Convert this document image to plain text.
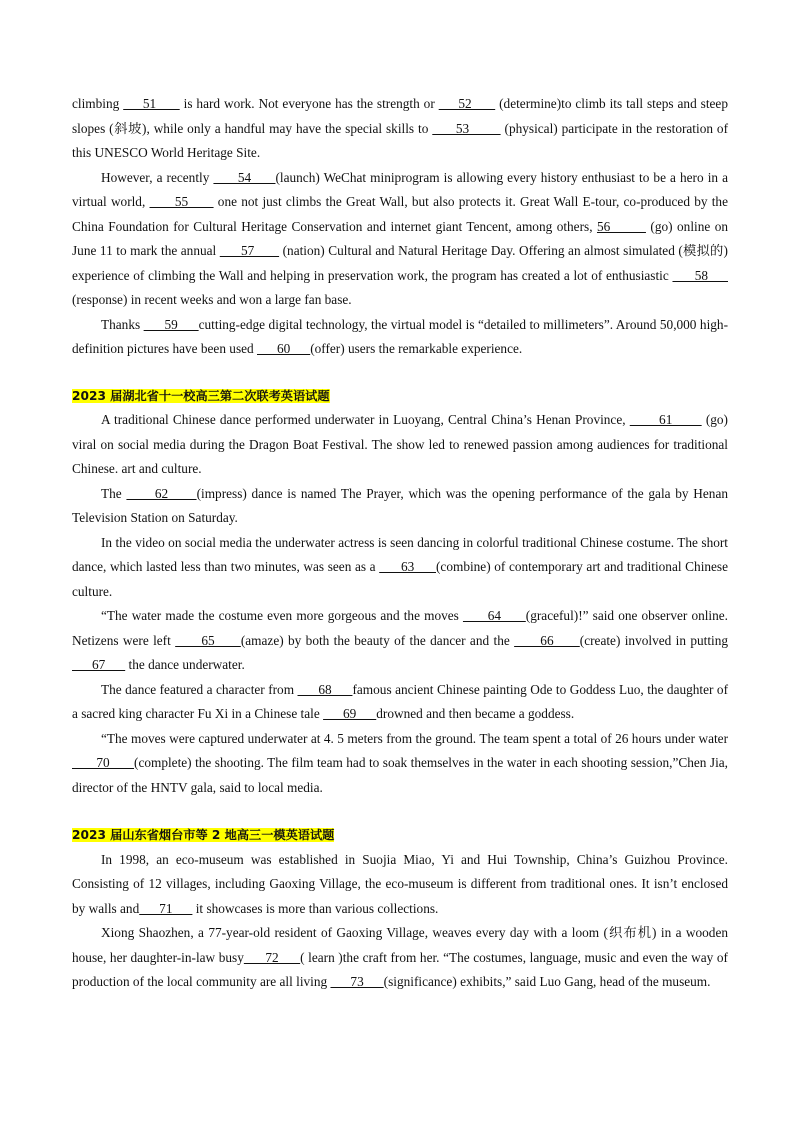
climbing      51       is hard work. Not everyone has the strength or      52       (determine)to climb its tall steps and steep slopes (斜坡), while only a handful may have the special skills to       53         (physical) participate in the restoration of this UNESCO World Heritage Site.

However, a recently       54      (launch) WeChat miniprogram is allowing every history enthusiast to be a hero in a virtual world,       55       one not just climbs the Great Wall, but also protects it. Great Wall E-tour, co-produced by the China Foundation for Cultural Heritage Conservation and internet giant Tencent, among others, 56         (go) online on June 11 to mark the annual       57        (nation) Cultural and Natural Heritage Day. Offering an almost simulated (模拟的) experience of climbing the Wall and helping in preservation work, the program has created a lot of enthusiastic       58       (response) in recent weeks and won a large fan base.

Thanks       59      cutting-edge digital technology, the virtual model is “detailed to millimeters”. Around 50,000 high-definition pictures have been used       60      (offer) users the remarkable experience.

2023 届湖北省十一校高三第二次联考英语试题

A traditional Chinese dance performed underwater in Luoyang, Central China’s Henan Province,        61        (go) viral on social media during the Dragon Boat Festival. The show led to renewed passion among audiences for traditional Chinese. art and culture.

The       62      (impress) dance is named The Prayer, which was the opening performance of the gala by Henan Television Station on Saturday.

In the video on social media the underwater actress is seen dancing in colorful traditional Chinese costume. The short dance, which lasted less than two minutes, was seen as a       63      (combine) of contemporary art and traditional Chinese culture.

“The water made the costume even more gorgeous and the moves       64      (graceful)!” said one observer online. Netizens were left       65      (amaze) by both the beauty of the dancer and the       66      (create) involved in putting       67       the dance underwater.

The dance featured a character from       68      famous ancient Chinese painting Ode to Goddess Luo, the daughter of a sacred king character Fu Xi in a Chinese tale       69      drowned and then became a goddess.

“The moves were captured underwater at 4. 5 meters from the ground. The team spent a total of 26 hours under water       70       (complete) the shooting. The film team had to soak themselves in the water in each shooting session,”Chen Jia, director of the HNTV gala, said to local media.

2023 届山东省烟台市等 2 地高三一模英语试题

In 1998, an eco-museum was established in Suojia Miao, Yi and Hui Township, China’s Guizhou Province. Consisting of 12 villages, including Gaoxing Village, the eco-museum is different from traditional ones. It isn’t enclosed by walls and      71       it showcases is more than various collections.

Xiong Shaozhen, a 77-year-old resident of Gaoxing Village, weaves every day with a loom (织布机) in a wooden house, her daughter-in-law busy      72      ( learn )the craft from her. “The costumes, language, music and even the way of production of the local community are all living       73      (significance) exhibits,” said Luo Gang, head of the museum.
